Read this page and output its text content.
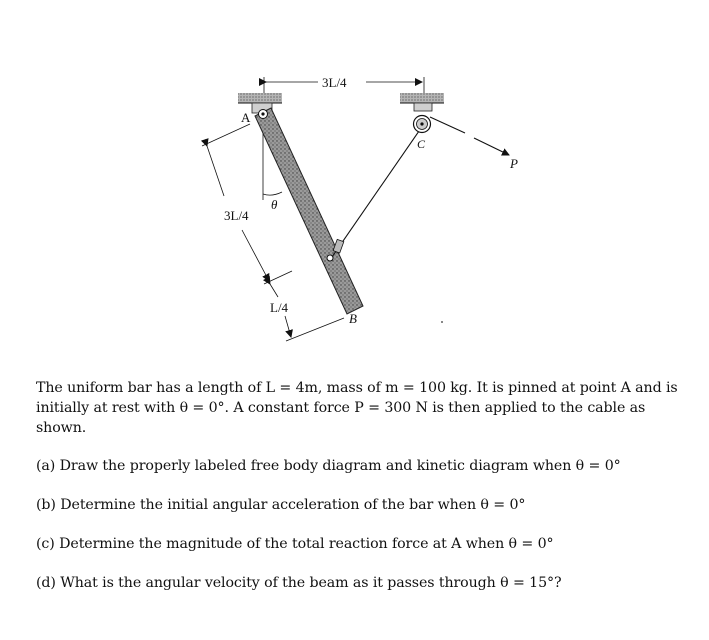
3L/4
θ
A
C
B
P
3L/4
L/4
The uniform bar has a length of L = 4m, mass of m = 100 kg. It is pinned at point A and is initially at rest with θ = 0°. A constant force P = 300 N is then applied to the cable as shown.
(a) Draw the properly labeled free body diagram and kinetic diagram when θ = 0°
(b) Determine the initial angular acceleration of the bar when θ = 0°
(c) Determine the magnitude of the total reaction force at A when θ = 0°
(d) What is the angular velocity of the beam as it passes through θ = 15°?
